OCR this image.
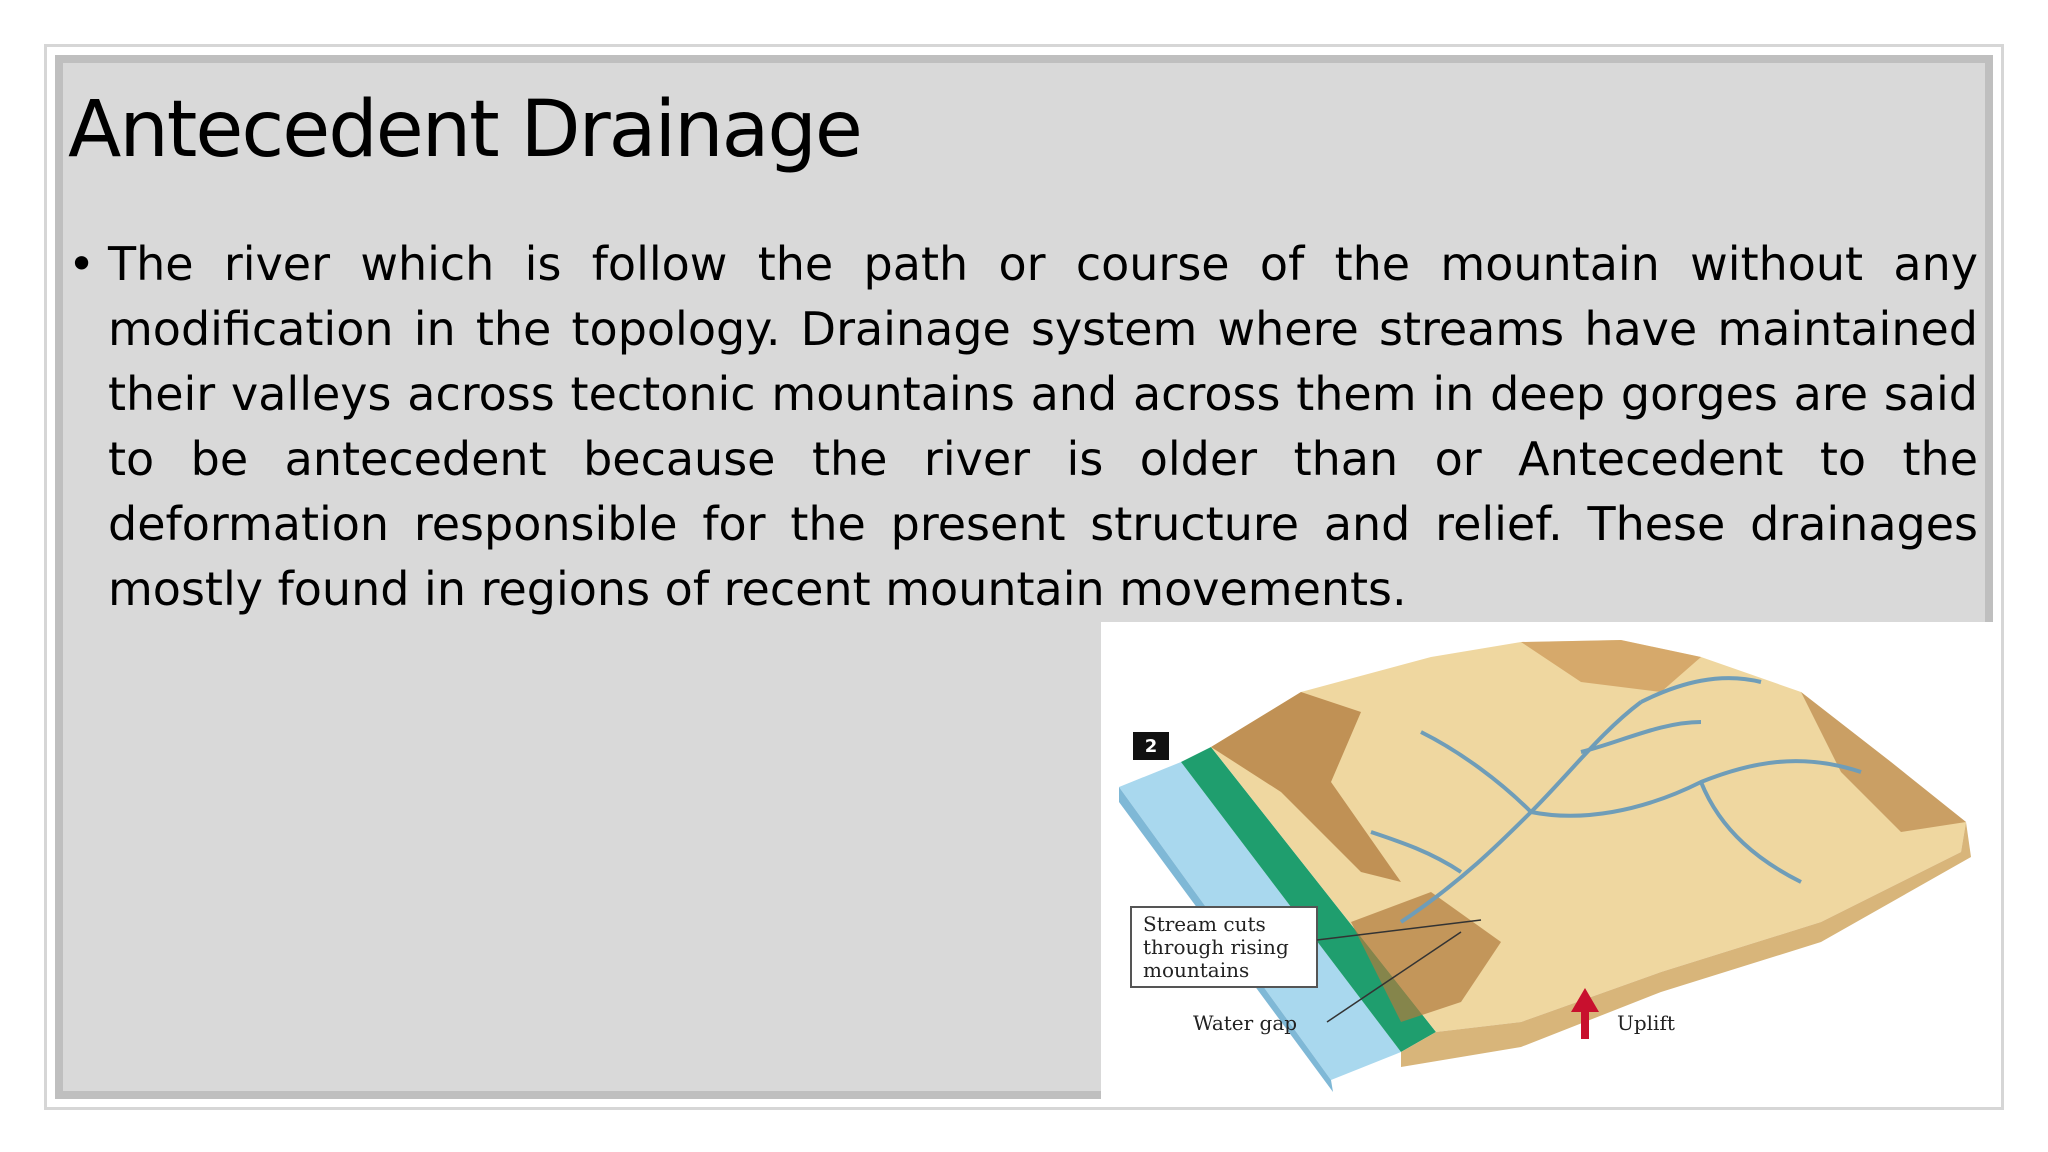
Antecedent Drainage
• The river which is follow the path or course of the mountain without any modification in the topology. Drainage system where streams have maintained their valleys across tectonic mountains and across them in deep gorges are said to be antecedent because the river is older than or Antecedent to the deformation responsible for the present structure and relief. These drainages mostly found in regions of recent mountain movements.

2
Stream cuts
through rising
mountains
Water gap	Uplift
